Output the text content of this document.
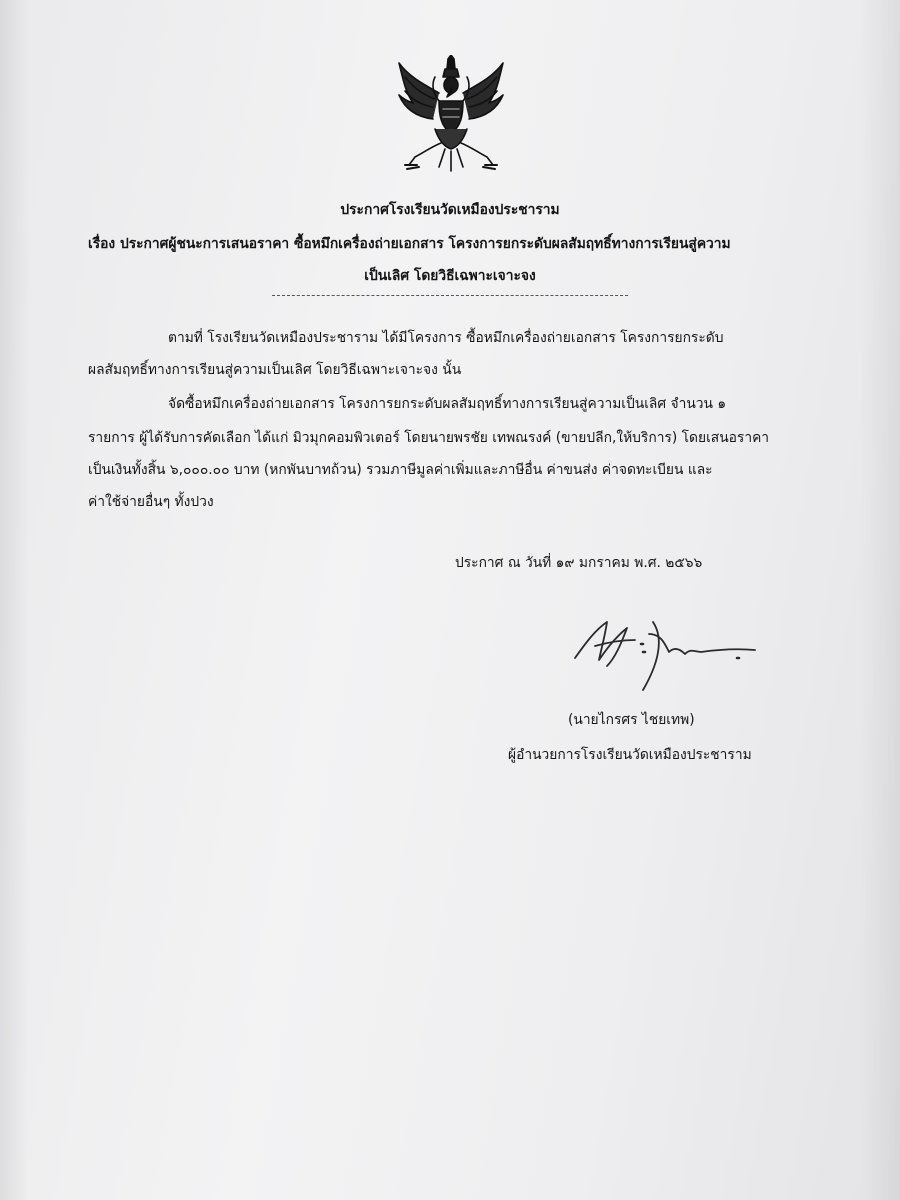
ประกาศโรงเรียนวัดเหมืองประชาราม
เรื่อง ประกาศผู้ชนะการเสนอราคา ซื้อหมึกเครื่องถ่ายเอกสาร โครงการยกระดับผลสัมฤทธิ์ทางการเรียนสู่ความ
เป็นเลิศ โดยวิธีเฉพาะเจาะจง
ตามที่ โรงเรียนวัดเหมืองประชาราม ได้มีโครงการ ซื้อหมึกเครื่องถ่ายเอกสาร โครงการยกระดับ
ผลสัมฤทธิ์ทางการเรียนสู่ความเป็นเลิศ โดยวิธีเฉพาะเจาะจง นั้น
จัดซื้อหมึกเครื่องถ่ายเอกสาร โครงการยกระดับผลสัมฤทธิ์ทางการเรียนสู่ความเป็นเลิศ จำนวน ๑
รายการ ผู้ได้รับการคัดเลือก ได้แก่ มิวมุกคอมพิวเตอร์ โดยนายพรชัย เทพณรงค์ (ขายปลีก,ให้บริการ) โดยเสนอราคา
เป็นเงินทั้งสิ้น ๖,๐๐๐.๐๐ บาท (หกพันบาทถ้วน) รวมภาษีมูลค่าเพิ่มและภาษีอื่น ค่าขนส่ง ค่าจดทะเบียน และ
ค่าใช้จ่ายอื่นๆ ทั้งปวง
ประกาศ ณ วันที่ ๑๙ มกราคม พ.ศ. ๒๕๖๖
(นายไกรศร ไชยเทพ)
ผู้อำนวยการโรงเรียนวัดเหมืองประชาราม
